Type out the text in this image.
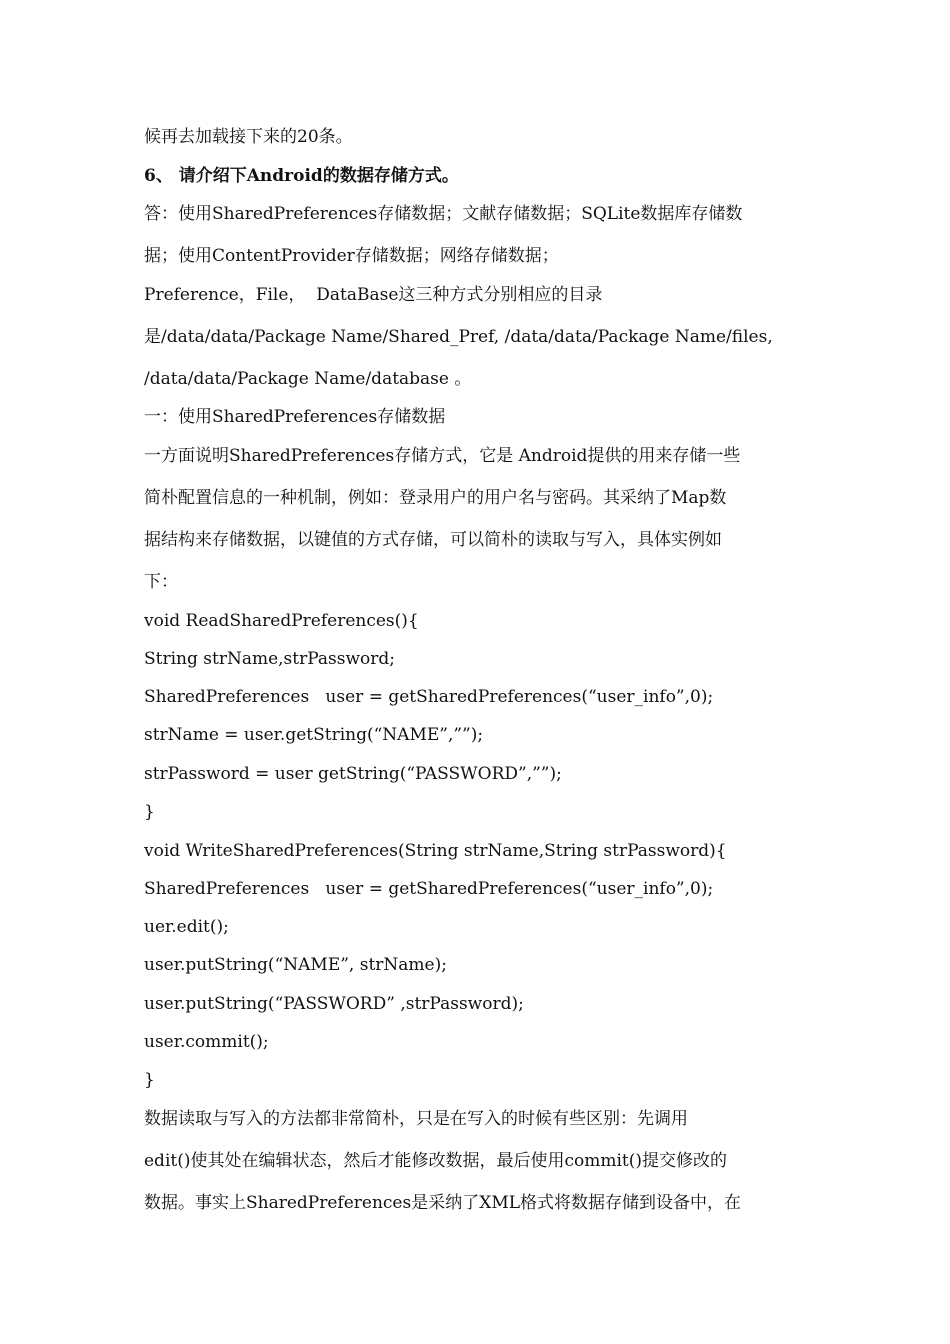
候再去加载接下来的20条。
6、 请介绍下Android的数据存储方式。
答：使用SharedPreferences存储数据；文献存储数据；SQLite数据库存储数
据；使用ContentProvider存储数据；网络存储数据；
Preference，File，  DataBase这三种方式分别相应的目录
是/data/data/Package Name/Shared_Pref, /data/data/Package Name/files,
/data/data/Package Name/database 。
一：使用SharedPreferences存储数据
一方面说明SharedPreferences存储方式，它是 Android提供的用来存储一些
简朴配置信息的一种机制，例如：登录用户的用户名与密码。其采纳了Map数
据结构来存储数据，以键值的方式存储，可以简朴的读取与写入，具体实例如
下：
void ReadSharedPreferences(){
String strName,strPassword;
SharedPreferences   user = getSharedPreferences(“user_info”,0);
strName = user.getString(“NAME”,””);
strPassword = user getString(“PASSWORD”,””);
}
void WriteSharedPreferences(String strName,String strPassword){
SharedPreferences   user = getSharedPreferences(“user_info”,0);
uer.edit();
user.putString(“NAME”, strName);
user.putString(“PASSWORD” ,strPassword);
user.commit();
}
数据读取与写入的方法都非常简朴，只是在写入的时候有些区别：先调用
edit()使其处在编辑状态，然后才能修改数据，最后使用commit()提交修改的
数据。事实上SharedPreferences是采纳了XML格式将数据存储到设备中，在
